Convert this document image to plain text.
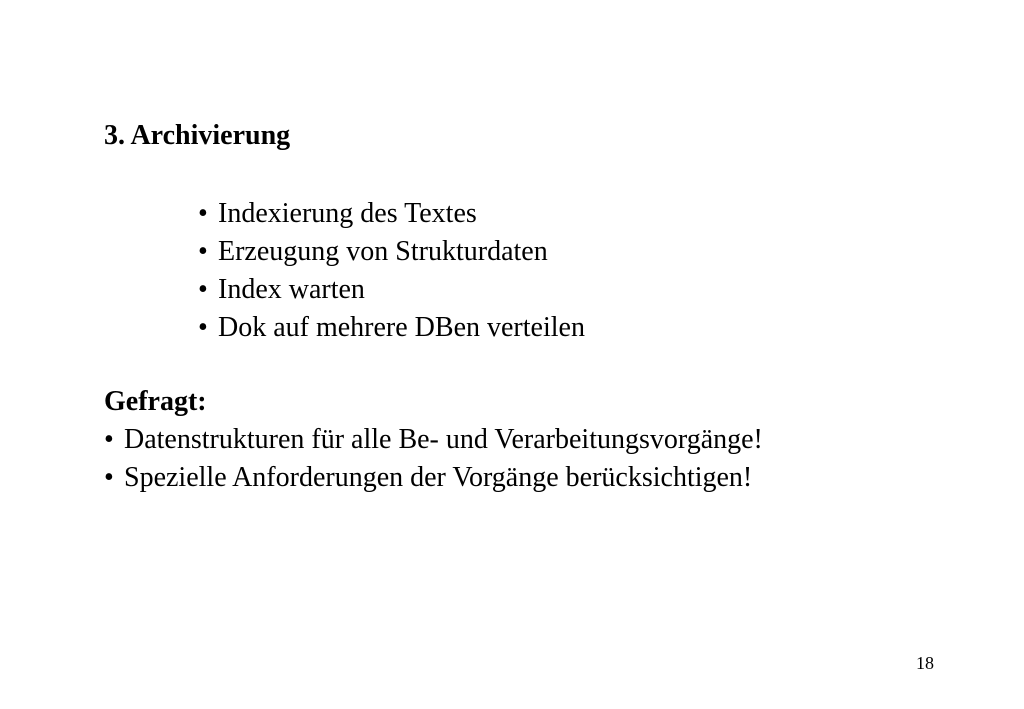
3. Archivierung
• Indexierung des Textes
• Erzeugung von Strukturdaten
• Index warten
• Dok auf mehrere DBen verteilen
Gefragt:
• Datenstrukturen für alle Be- und Verarbeitungsvorgänge!
• Spezielle Anforderungen der Vorgänge berücksichtigen!
18
